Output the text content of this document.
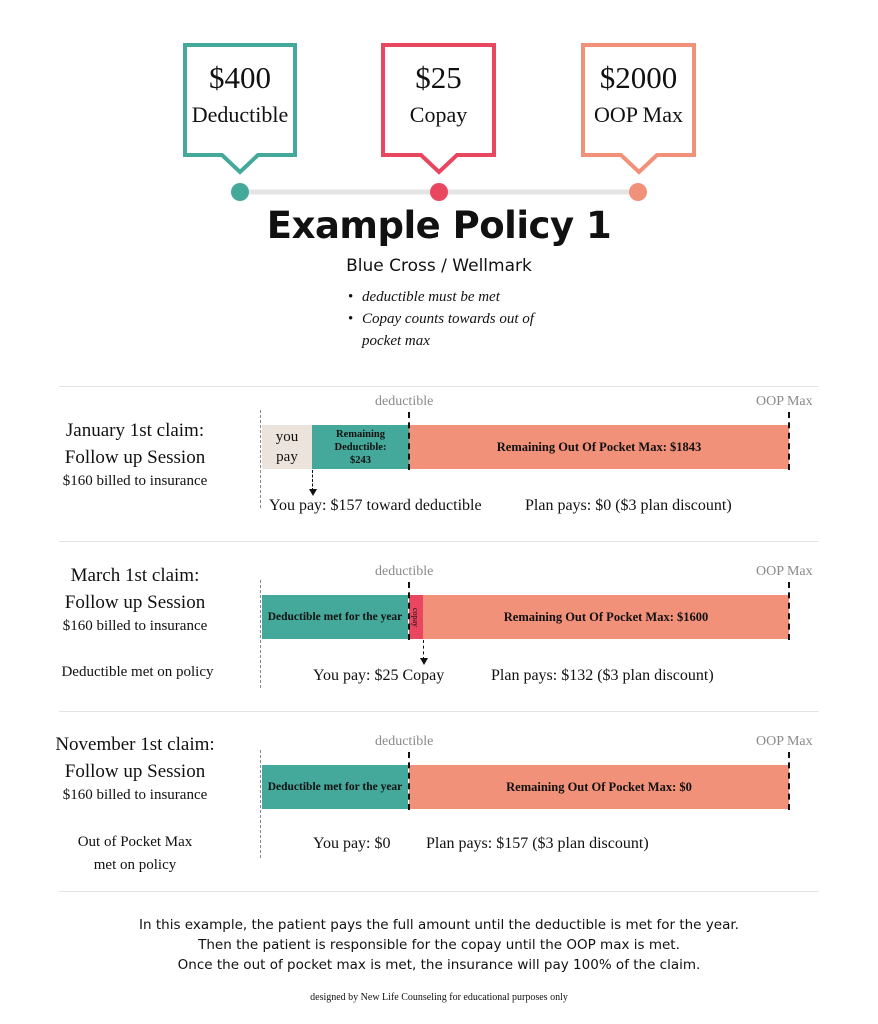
$400
Deductible
$25
Copay
$2000
OOP Max
Example Policy 1
Blue Cross / Wellmark
• deductible must be met
• Copay counts towards out of pocket max
deductible	OOP Max
January 1st claim:
Follow up Session
$160 billed to insurance
you pay
Remaining Deductible: $243
Remaining Out Of Pocket Max: $1843
You pay: $157 toward deductible	Plan pays: $0 ($3 plan discount)
deductible	OOP Max
March 1st claim:
Follow up Session
$160 billed to insurance
Deductible met on policy
Deductible met for the year	copay	Remaining Out Of Pocket Max: $1600
You pay: $25 Copay	Plan pays: $132 ($3 plan discount)
deductible	OOP Max
November 1st claim:
Follow up Session
$160 billed to insurance
Out of Pocket Max
met on policy
Deductible met for the year	Remaining Out Of Pocket Max: $0
You pay: $0 Plan pays: $157 ($3 plan discount)
In this example, the patient pays the full amount until the deductible is met for the year.
Then the patient is responsible for the copay until the OOP max is met.
Once the out of pocket max is met, the insurance will pay 100% of the claim.
designed by New Life Counseling for educational purposes only
